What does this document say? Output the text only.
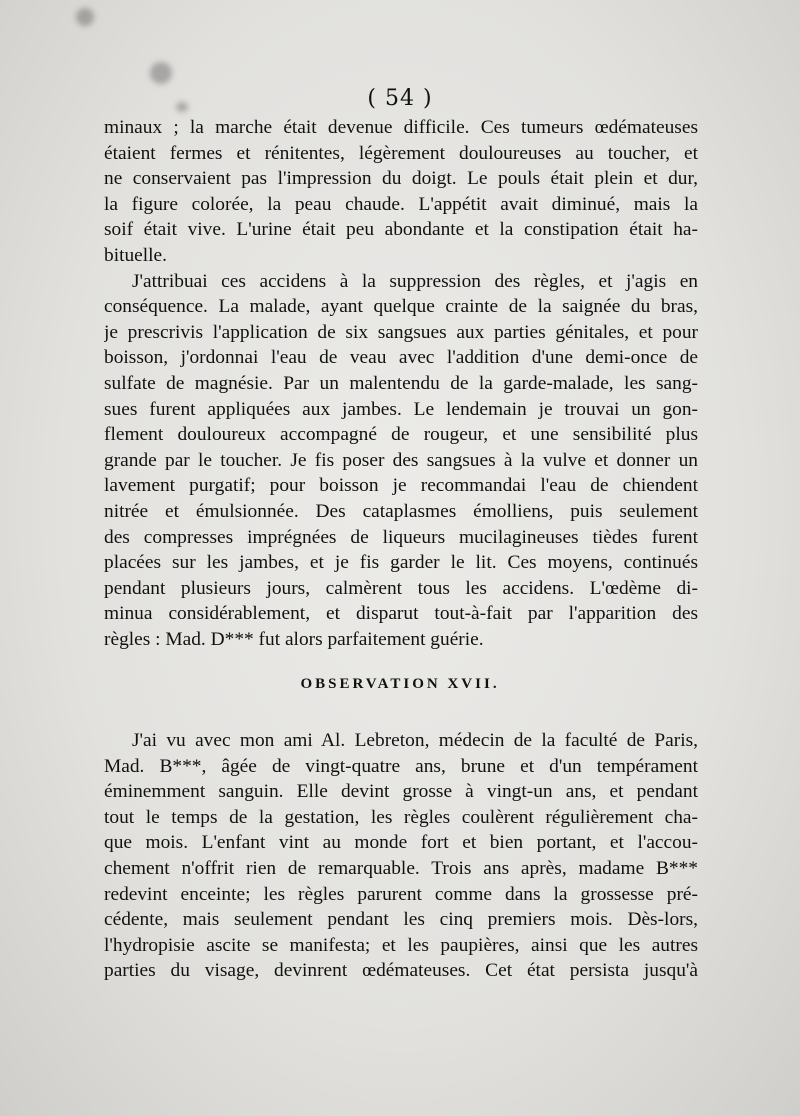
( 54 )
minaux ; la marche était devenue difficile. Ces tumeurs œdémateuses
étaient fermes et rénitentes, légèrement douloureuses au toucher, et
ne conservaient pas l'impression du doigt. Le pouls était plein et dur,
la figure colorée, la peau chaude. L'appétit avait diminué, mais la
soif était vive. L'urine était peu abondante et la constipation était ha-
bituelle.
J'attribuai ces accidens à la suppression des règles, et j'agis en
conséquence. La malade, ayant quelque crainte de la saignée du bras,
je prescrivis l'application de six sangsues aux parties génitales, et pour
boisson, j'ordonnai l'eau de veau avec l'addition d'une demi-once de
sulfate de magnésie. Par un malentendu de la garde-malade, les sang-
sues furent appliquées aux jambes. Le lendemain je trouvai un gon-
flement douloureux accompagné de rougeur, et une sensibilité plus
grande par le toucher. Je fis poser des sangsues à la vulve et donner un
lavement purgatif; pour boisson je recommandai l'eau de chiendent
nitrée et émulsionnée. Des cataplasmes émolliens, puis seulement
des compresses imprégnées de liqueurs mucilagineuses tièdes furent
placées sur les jambes, et je fis garder le lit. Ces moyens, continués
pendant plusieurs jours, calmèrent tous les accidens. L'œdème di-
minua considérablement, et disparut tout-à-fait par l'apparition des
règles : Mad. D*** fut alors parfaitement guérie.
OBSERVATION XVII.
J'ai vu avec mon ami Al. Lebreton, médecin de la faculté de Paris,
Mad. B***, âgée de vingt-quatre ans, brune et d'un tempérament
éminemment sanguin. Elle devint grosse à vingt-un ans, et pendant
tout le temps de la gestation, les règles coulèrent régulièrement cha-
que mois. L'enfant vint au monde fort et bien portant, et l'accou-
chement n'offrit rien de remarquable. Trois ans après, madame B***
redevint enceinte; les règles parurent comme dans la grossesse pré-
cédente, mais seulement pendant les cinq premiers mois. Dès-lors,
l'hydropisie ascite se manifesta; et les paupières, ainsi que les autres
parties du visage, devinrent œdémateuses. Cet état persista jusqu'à
